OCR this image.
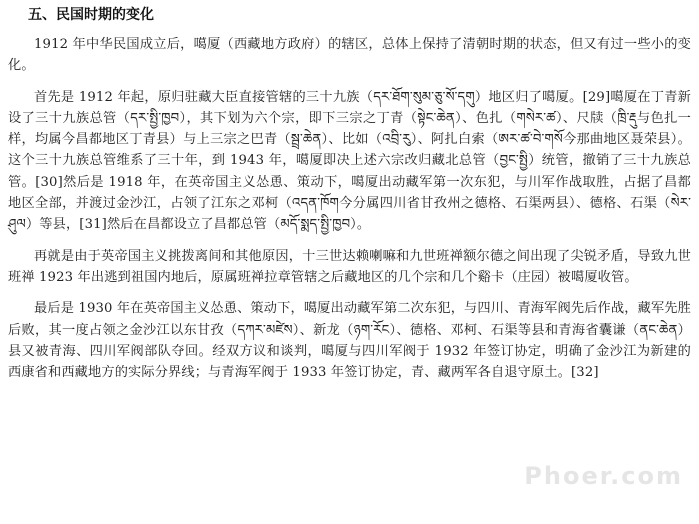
五、民国时期的变化

1912 年中华民国成立后，噶厦（西藏地方政府）的辖区，总体上保持了清朝时期的状态，但又有过一些小的变化。

首先是 1912 年起，原归驻藏大臣直接管辖的三十九族（དར་ཐོག་སུམ་ཅུ་སོ་དགུ）地区归了噶厦。[29]噶厦在丁青新设了三十九族总管（དར་སྤྱི་ཁྱབ），其下划为六个宗，即下三宗之丁青（སྟེང་ཆེན）、色扎（གསེར་ཚ）、尺牍（ཁྲི་རྡུ与色扎一样，均属今昌都地区丁青县）与上三宗之巴青（སྦྲ་ཆེན）、比如（འབྲི་རུ）、阿扎白索（ཨར་ཚ་བེ་གསོ今那曲地区聂荣县）。这个三十九族总管维系了三十年，到 1943 年，噶厦即决上述六宗改归藏北总管（བྱང་སྤྱི）统管，撤销了三十九族总管。[30]然后是 1918 年，在英帝国主义怂恿、策动下，噶厦出动藏军第一次东犯，与川军作战取胜，占据了昌都地区全部，并渡过金沙江，占领了江东之邓柯（འདན་ཁོག今分属四川省甘孜州之德格、石渠两县）、德格、石渠（སེར་ཤུལ）等县，[31]然后在昌都设立了昌都总管（མདོ་སྨད་སྤྱི་ཁྱབ）。

再就是由于英帝国主义挑拨离间和其他原因，十三世达赖喇嘛和九世班禅额尔德之间出现了尖锐矛盾，导致九世班禅 1923 年出逃到祖国内地后，原属班禅拉章管辖之后藏地区的几个宗和几个谿卡（庄园）被噶厦收管。

最后是 1930 年在英帝国主义怂恿、策动下，噶厦出动藏军第二次东犯，与四川、青海军阀先后作战，藏军先胜后败，其一度占领之金沙江以东甘孜（དཀར་མཛེས）、新龙（ཉག་རོང）、德格、邓柯、石渠等县和青海省囊谦（ནང་ཆེན）县又被青海、四川军阀部队夺回。经双方议和谈判，噶厦与四川军阀于 1932 年签订协定，明确了金沙江为新建的西康省和西藏地方的实际分界线；与青海军阀于 1933 年签订协定，青、藏两军各自退守原土。[32]

Phoer.com
